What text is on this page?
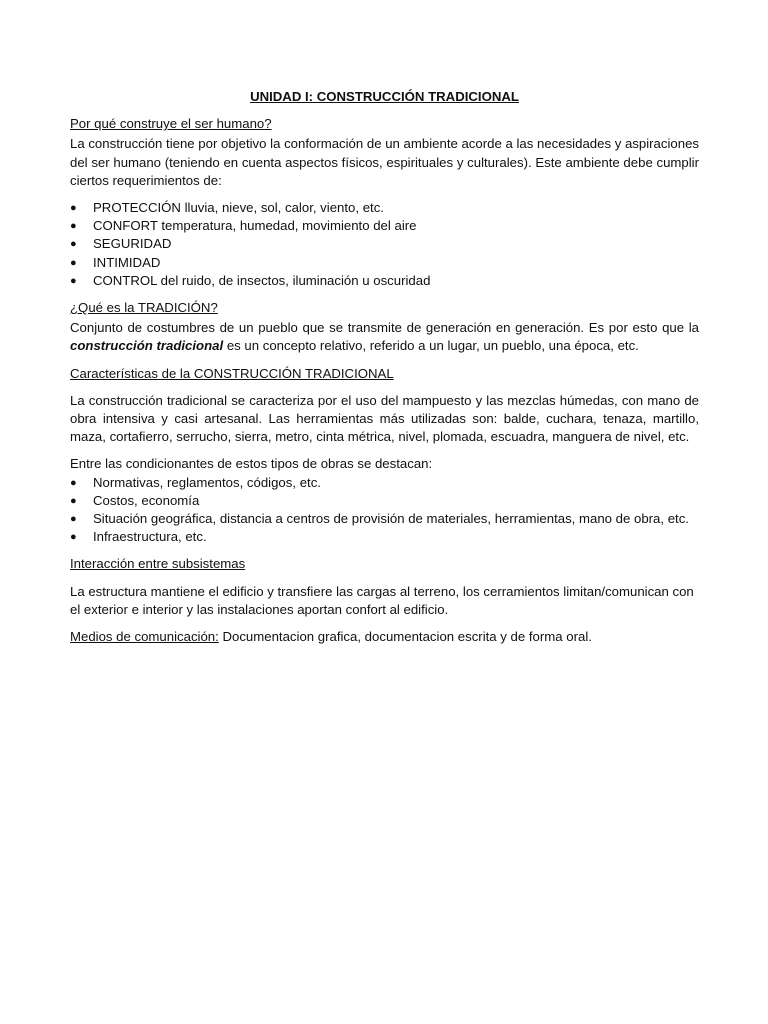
UNIDAD I: CONSTRUCCIÓN TRADICIONAL
Por qué construye el ser humano?

La construcción tiene por objetivo la conformación de un ambiente acorde a las necesidades y aspiraciones del ser humano (teniendo en cuenta aspectos físicos, espirituales y culturales). Este ambiente debe cumplir ciertos requerimientos de:

● PROTECCIÓN lluvia, nieve, sol, calor, viento, etc.
● CONFORT temperatura, humedad, movimiento del aire
● SEGURIDAD
● INTIMIDAD
● CONTROL del ruido, de insectos, iluminación u oscuridad
¿Qué es la TRADICIÓN?

Conjunto de costumbres de un pueblo que se transmite de generación en generación. Es por esto que la construcción tradicional es un concepto relativo, referido a un lugar, un pueblo, una época, etc.

Características de la CONSTRUCCIÓN TRADICIONAL

La construcción tradicional se caracteriza por el uso del mampuesto y las mezclas húmedas, con mano de obra intensiva y casi artesanal. Las herramientas más utilizadas son: balde, cuchara, tenaza, martillo, maza, cortafierro, serrucho, sierra, metro, cinta métrica, nivel, plomada, escuadra, manguera de nivel, etc.

Entre las condicionantes de estos tipos de obras se destacan:

● Normativas, reglamentos, códigos, etc.
● Costos, economía
● Situación geográfica, distancia a centros de provisión de materiales, herramientas, mano de obra, etc.
● Infraestructura, etc.
Interacción entre subsistemas

La estructura mantiene el edificio y transfiere las cargas al terreno, los cerramientos limitan/comunican con el exterior e interior y las instalaciones aportan confort al edificio.

Medios de comunicación: Documentacion grafica, documentacion escrita y de forma oral.
